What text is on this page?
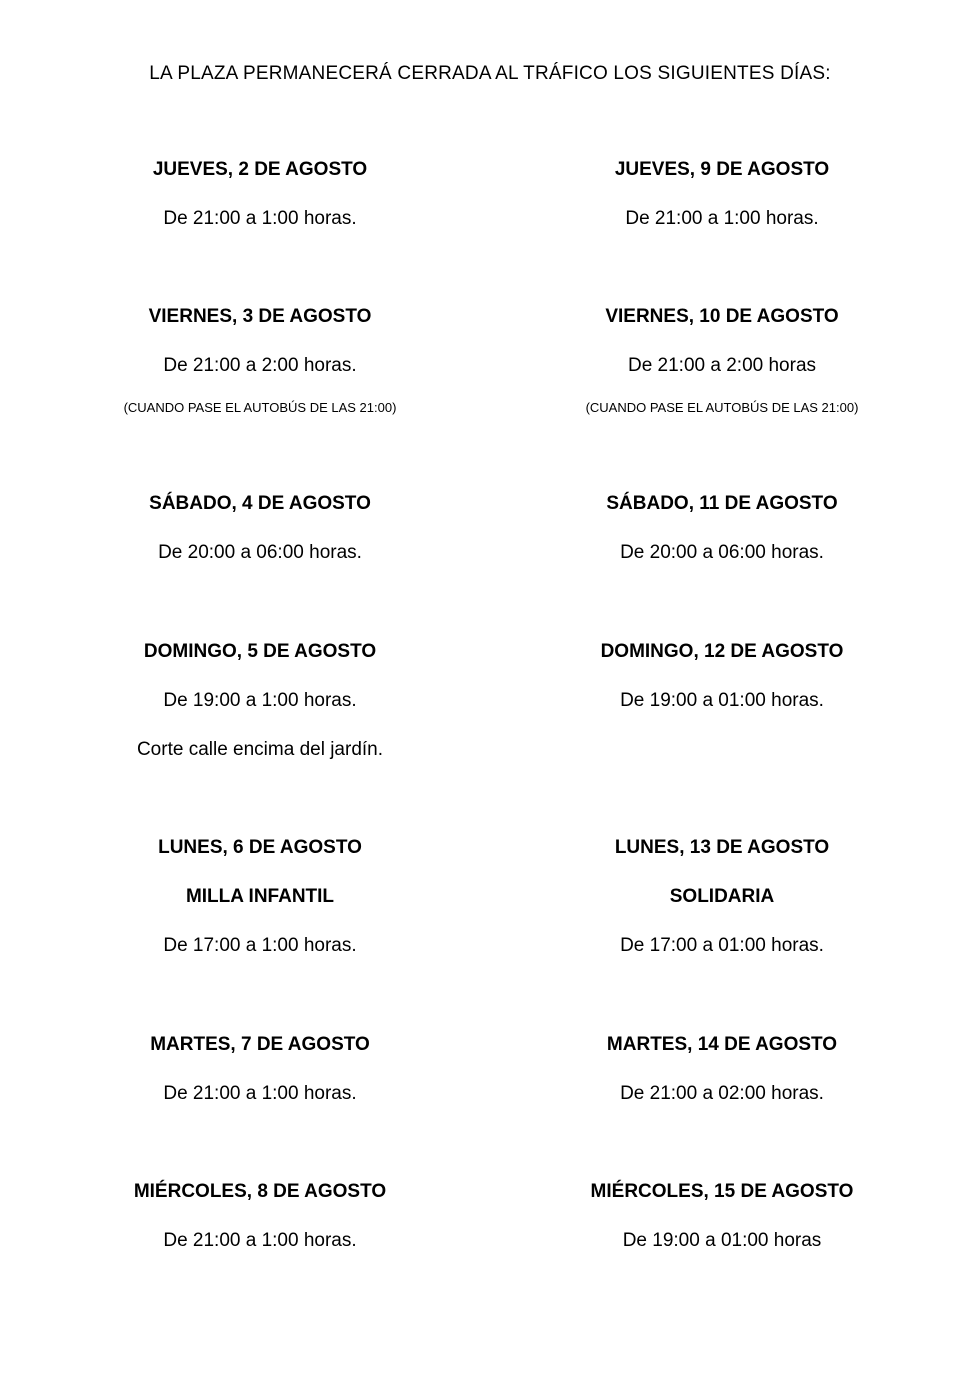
LA PLAZA PERMANECERÁ CERRADA AL TRÁFICO LOS SIGUIENTES DÍAS:
JUEVES, 2 DE AGOSTO
De 21:00 a 1:00 horas.
VIERNES, 3 DE AGOSTO
De 21:00 a 2:00 horas.
(CUANDO PASE EL AUTOBÚS DE LAS 21:00)
SÁBADO, 4 DE AGOSTO
De 20:00 a 06:00 horas.
DOMINGO, 5 DE AGOSTO
De 19:00 a 1:00 horas.
Corte calle encima del jardín.
LUNES, 6 DE AGOSTO
MILLA INFANTIL
De 17:00 a 1:00 horas.
MARTES, 7 DE AGOSTO
De 21:00 a 1:00 horas.
MIÉRCOLES, 8 DE AGOSTO
De 21:00 a 1:00 horas.
JUEVES, 9 DE AGOSTO
De 21:00 a 1:00 horas.
VIERNES, 10 DE AGOSTO
De 21:00 a 2:00 horas
(CUANDO PASE EL AUTOBÚS DE LAS 21:00)
SÁBADO, 11 DE AGOSTO
De 20:00 a 06:00 horas.
DOMINGO, 12 DE AGOSTO
De 19:00 a 01:00 horas.
LUNES, 13 DE AGOSTO
SOLIDARIA
De 17:00 a 01:00 horas.
MARTES, 14 DE AGOSTO
De 21:00 a 02:00 horas.
MIÉRCOLES, 15 DE AGOSTO
De 19:00 a 01:00 horas
